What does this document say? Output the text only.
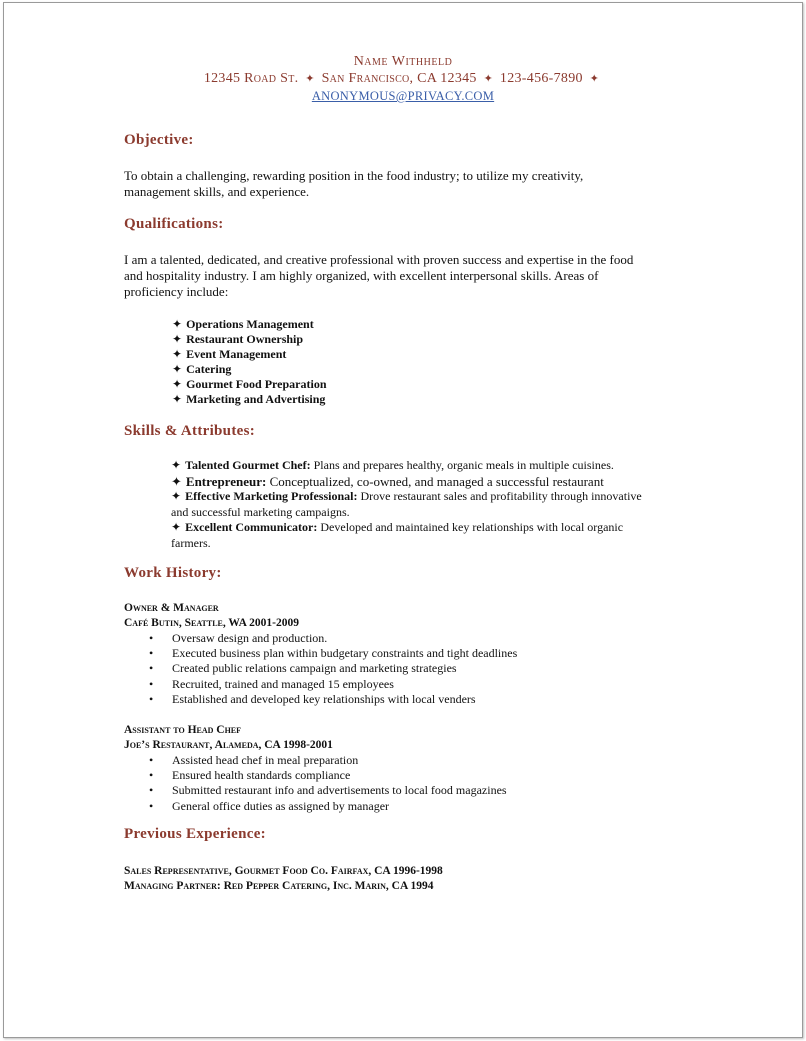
Name Withheld
12345 Road St. ✦ San Francisco, CA 12345 ✦ 123-456-7890 ✦
ANONYMOUS@PRIVACY.COM
Objective:
To obtain a challenging, rewarding position in the food industry; to utilize my creativity,
management skills, and experience.
Qualifications:
I am a talented, dedicated, and creative professional with proven success and expertise in the food
and hospitality industry. I am highly organized, with excellent interpersonal skills. Areas of
proficiency include:
✦ Operations Management
✦ Restaurant Ownership
✦ Event Management
✦ Catering
✦ Gourmet Food Preparation
✦ Marketing and Advertising
Skills & Attributes:
✦ Talented Gourmet Chef: Plans and prepares healthy, organic meals in multiple cuisines.
✦ Entrepreneur: Conceptualized, co-owned, and managed a successful restaurant
✦ Effective Marketing Professional: Drove restaurant sales and profitability through innovative
and successful marketing campaigns.
✦ Excellent Communicator: Developed and maintained key relationships with local organic
farmers.
Work History:
Owner & Manager
Café Butin, Seattle, WA 2001-2009
• Oversaw design and production.
• Executed business plan within budgetary constraints and tight deadlines
• Created public relations campaign and marketing strategies
• Recruited, trained and managed 15 employees
• Established and developed key relationships with local venders
Assistant to Head Chef
Joe’s Restaurant, Alameda, CA 1998-2001
• Assisted head chef in meal preparation
• Ensured health standards compliance
• Submitted restaurant info and advertisements to local food magazines
• General office duties as assigned by manager
Previous Experience:
Sales Representative, Gourmet Food Co. Fairfax, CA 1996-1998
Managing Partner: Red Pepper Catering, Inc. Marin, CA 1994
